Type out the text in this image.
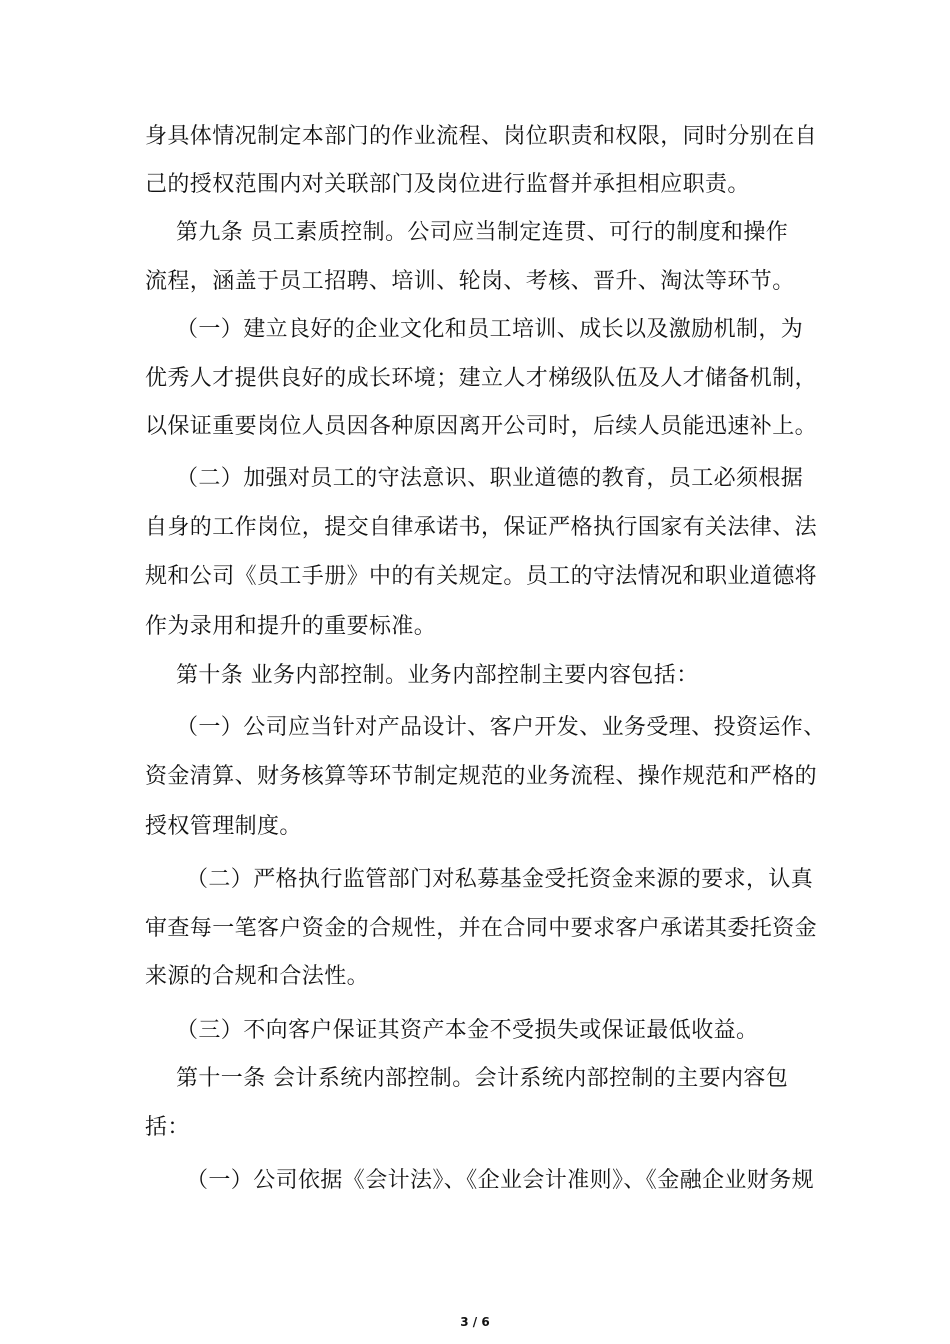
身具体情况制定本部门的作业流程、岗位职责和权限，同时分别在自
己的授权范围内对关联部门及岗位进行监督并承担相应职责。
第九条 员工素质控制。公司应当制定连贯、可行的制度和操作
流程，涵盖于员工招聘、培训、轮岗、考核、晋升、淘汰等环节。
（一）建立良好的企业文化和员工培训、成长以及激励机制，为
优秀人才提供良好的成长环境；建立人才梯级队伍及人才储备机制，
以保证重要岗位人员因各种原因离开公司时，后续人员能迅速补上。
（二）加强对员工的守法意识、职业道德的教育，员工必须根据
自身的工作岗位，提交自律承诺书，保证严格执行国家有关法律、法
规和公司《员工手册》中的有关规定。员工的守法情况和职业道德将
作为录用和提升的重要标准。
第十条 业务内部控制。业务内部控制主要内容包括：
（一）公司应当针对产品设计、客户开发、业务受理、投资运作、
资金清算、财务核算等环节制定规范的业务流程、操作规范和严格的
授权管理制度。
（二）严格执行监管部门对私募基金受托资金来源的要求，认真
审查每一笔客户资金的合规性，并在合同中要求客户承诺其委托资金
来源的合规和合法性。
（三）不向客户保证其资产本金不受损失或保证最低收益。
第十一条 会计系统内部控制。会计系统内部控制的主要内容包
括：
（一）公司依据《会计法》、《企业会计准则》、《金融企业财务规
3 / 6
